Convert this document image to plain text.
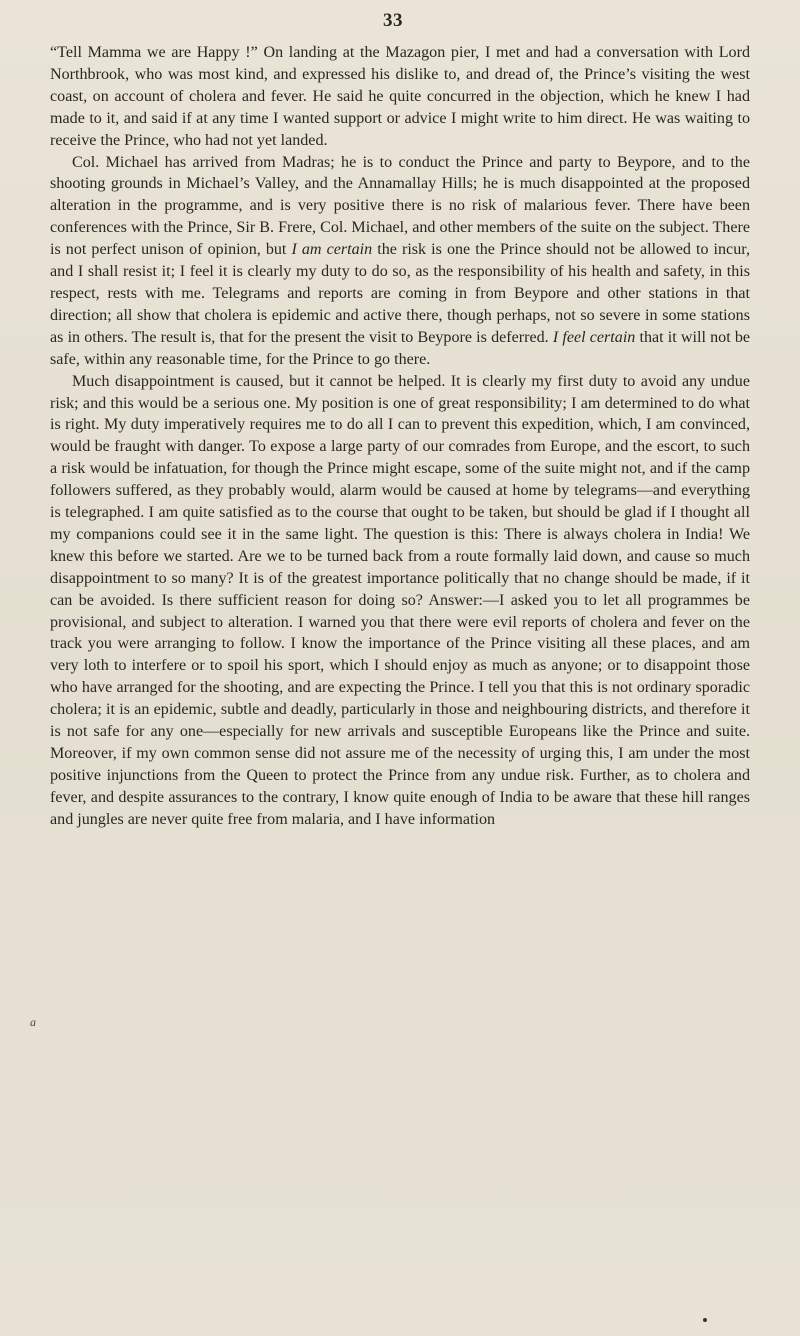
33

“Tell Mamma we are Happy !” On landing at the Mazagon pier, I met and had a conversation with Lord Northbrook, who was most kind, and expressed his dislike to, and dread of, the Prince’s visiting the west coast, on account of cholera and fever. He said he quite concurred in the objection, which he knew I had made to it, and said if at any time I wanted support or advice I might write to him direct. He was waiting to receive the Prince, who had not yet landed.

Col. Michael has arrived from Madras; he is to conduct the Prince and party to Beypore, and to the shooting grounds in Michael’s Valley, and the Annamallay Hills; he is much disappointed at the proposed alteration in the programme, and is very positive there is no risk of malarious fever. There have been conferences with the Prince, Sir B. Frere, Col. Michael, and other members of the suite on the subject. There is not perfect unison of opinion, but I am certain the risk is one the Prince should not be allowed to incur, and I shall resist it; I feel it is clearly my duty to do so, as the responsibility of his health and safety, in this respect, rests with me. Telegrams and reports are coming in from Beypore and other stations in that direction; all show that cholera is epidemic and active there, though perhaps, not so severe in some stations as in others. The result is, that for the present the visit to Beypore is deferred. I feel certain that it will not be safe, within any reasonable time, for the Prince to go there.

Much disappointment is caused, but it cannot be helped. It is clearly my first duty to avoid any undue risk; and this would be a serious one. My position is one of great responsibility; I am determined to do what is right. My duty imperatively requires me to do all I can to prevent this expedition, which, I am convinced, would be fraught with danger. To expose a large party of our comrades from Europe, and the escort, to such a risk would be infatuation, for though the Prince might escape, some of the suite might not, and if the camp followers suffered, as they probably would, alarm would be caused at home by telegrams—and everything is telegraphed. I am quite satisfied as to the course that ought to be taken, but should be glad if I thought all my companions could see it in the same light. The question is this: There is always cholera in India! We knew this before we started. Are we to be turned back from a route formally laid down, and cause so much disappointment to so many? It is of the greatest importance politically that no change should be made, if it can be avoided. Is there sufficient reason for doing so? Answer:—I asked you to let all programmes be provisional, and subject to alteration. I warned you that there were evil reports of cholera and fever on the track you were arranging to follow. I know the importance of the Prince visiting all these places, and am very loth to interfere or to spoil his sport, which I should enjoy as much as anyone; or to disappoint those who have arranged for the shooting, and are expecting the Prince. I tell you that this is not ordinary sporadic cholera; it is an epidemic, subtle and deadly, particularly in those and neighbouring districts, and therefore it is not safe for any one—especially for new arrivals and susceptible Europeans like the Prince and suite. Moreover, if my own common sense did not assure me of the necessity of urging this, I am under the most positive injunctions from the Queen to protect the Prince from any undue risk. Further, as to cholera and fever, and despite assurances to the contrary, I know quite enough of India to be aware that these hill ranges and jungles are never quite free from malaria, and I have information

a
